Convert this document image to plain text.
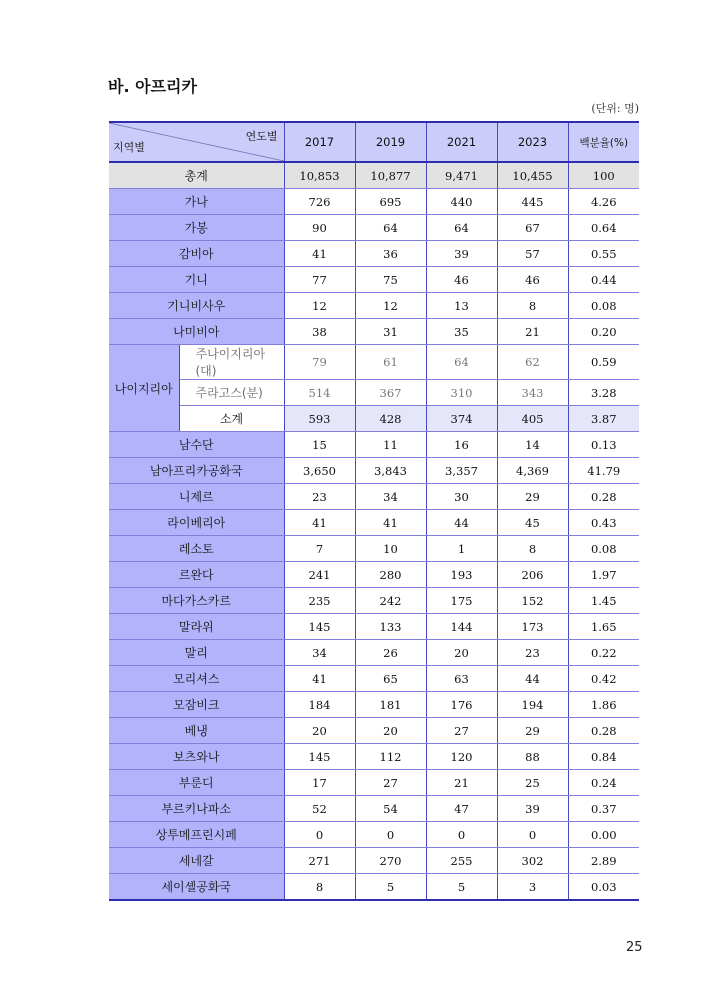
바. 아프리카
(단위: 명)
연도별
지역별		2017	2019	2021	2023	백분율(%)
총계		10,853	10,877	9,471	10,455	100
가나		726	695	440	445	4.26
가봉		90	64	64	67	0.64
감비아		41	36	39	57	0.55
기니		77	75	46	46	0.44
기니비사우		12	12	13	8	0.08
나미비아		38	31	35	21	0.20
나이지리아	주나이지리아(대)	79	61	64	62	0.59
	주라고스(분)	514	367	310	343	3.28
	소계	593	428	374	405	3.87
남수단		15	11	16	14	0.13
남아프리카공화국		3,650	3,843	3,357	4,369	41.79
니제르		23	34	30	29	0.28
라이베리아		41	41	44	45	0.43
레소토		7	10	1	8	0.08
르완다		241	280	193	206	1.97
마다가스카르		235	242	175	152	1.45
말라위		145	133	144	173	1.65
말리		34	26	20	23	0.22
모리셔스		41	65	63	44	0.42
모잠비크		184	181	176	194	1.86
베냉		20	20	27	29	0.28
보츠와나		145	112	120	88	0.84
부룬디		17	27	21	25	0.24
부르키나파소		52	54	47	39	0.37
상투메프린시페		0	0	0	0	0.00
세네갈		271	270	255	302	2.89
세이셸공화국		8	5	5	3	0.03
25
